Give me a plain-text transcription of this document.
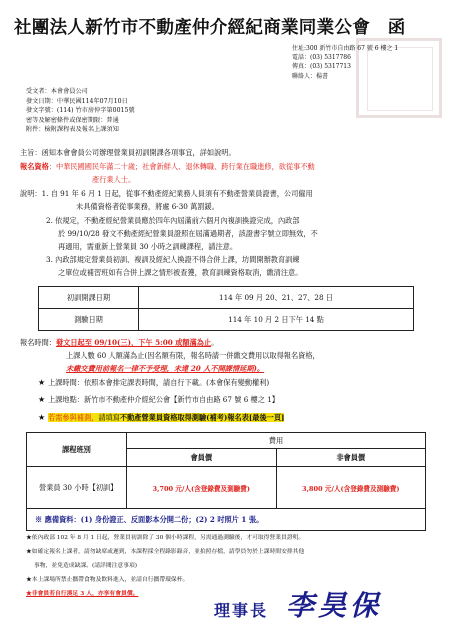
社團法人新竹市不動產仲介經紀商業同業公會　函
住址:300 新竹市自由路 67 號 6 樓之 1
電話：(03) 5317786
傳真：(03) 5317713
聯絡人：楊書
受文者：本會會員公司
發文日期：中華民國114年07月10日
發文字號：(114) 竹市房仲字第0015號
密等及解密條件或保密期限：普通
附件：檢附課程表及報名上課須知
主旨：函知本會會員公司辦理營業員初訓開課各項事宜，詳如說明。
報名資格：中華民國國民年滿二十歲；社會新鮮人、退休轉職、跨行業在職進修，欲從事不動
產行業人士。
說明：1. 自 91 年 6 月 1 日起，從事不動產經紀業務人員須有不動產營業員證書，公司僱用
未具備資格者從事業務，將處 6-30 萬罰鍰。
2. 依規定，不動產經紀營業員應於四年內屆滿前六個月內複訓換證完成，內政部
於 99/10/28 發文不動產經紀營業員證照在屆滿過期者，該證書字號立即無效，不
再適用，需重新上營業員 30 小時之訓練課程，請注意。
3. 內政部規定營業員初訓、複訓及經紀人換證不得合併上課，坊間開辦教育訓練
之單位或補習班如有合併上課之情形被查獲，教育訓練資格取消，繳清注意。
初訓開課日期	114 年 09 月 20、21、27、28 日
測驗日期	114 年 10 月 2 日下午 14 點
報名時間：發文日起至 09/10(三)，下午 5:00 或額滿為止。
上課人數 60 人額滿為止(因名額有限，報名時請一併繳交費用以取得報名資格，
未繳交費用前報名一律不予受理，未達 20 人不開課情延期)。
★ 上課時間：依照本會排定課表時間，請自行下載。(本會保有變動權利)
★ 上課地點：新竹市不動產仲介經紀公會【新竹市自由路 67 號 6 樓之 1】
★ 若需參與補測，請填寫不動產營業員資格取得測驗(補考)報名表[最後一頁]
課程班別	費用	
	會員價	非會員價
營業員 30 小時【初訓】	3,700 元/人(含登錄費及測驗費)	3,800 元/人(含登錄費及測驗費)
※ 應備資料：(1) 身份證正、反面影本分開二份；(2) 2 吋照片 1 張。		
★依內政部 102 年 8 月 1 日起，營業員初訓除了 30 個小時課程，另需通過測驗後，才可取得營業員證明。
★如確定報名上課者，請勿缺席或遲到，本課程採全程錄影錄音，並拍照存檔，請學員勿於上課時間安排其他
事物，並免造成缺課。(請詳閱注意事項)
★本上課場所禁止攜帶食物及飲料進入，並請自行攜帶環保杯。
★非會員若自行湊足 3 人，亦享有會員價。
理事長 李昊保
